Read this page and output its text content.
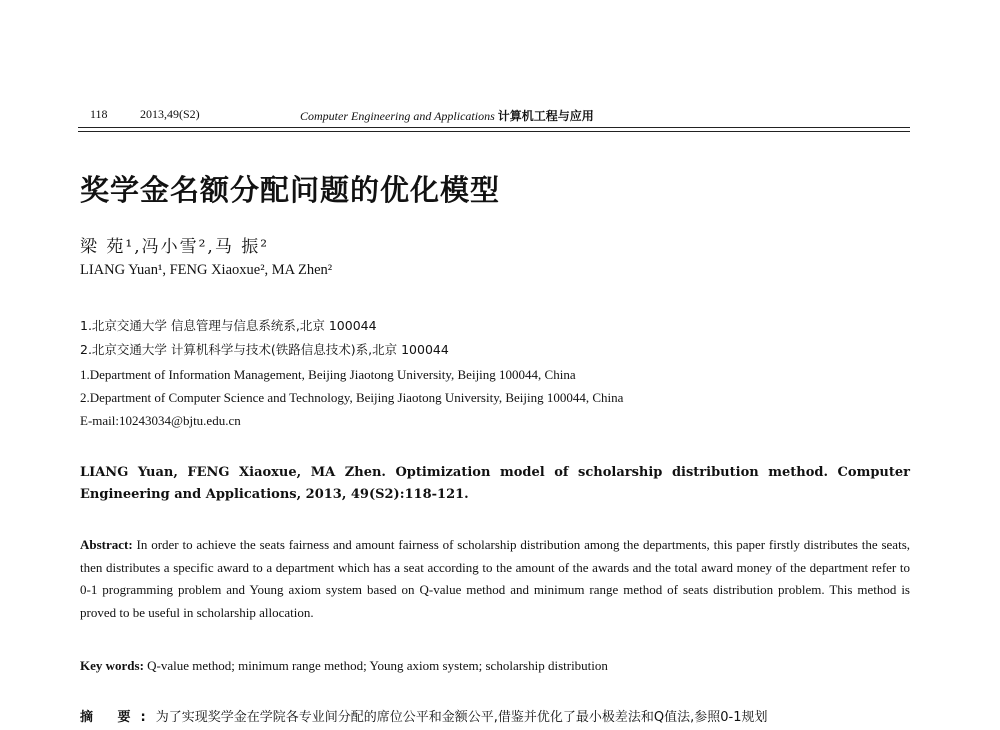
118	2013,49(S2)	Computer Engineering and Applications 计算机工程与应用
奖学金名额分配问题的优化模型
梁 苑¹,冯小雪²,马 振²
LIANG Yuan¹, FENG Xiaoxue², MA Zhen²
1.北京交通大学 信息管理与信息系统系,北京 100044
2.北京交通大学 计算机科学与技术(铁路信息技术)系,北京 100044
1.Department of Information Management, Beijing Jiaotong University, Beijing 100044, China
2.Department of Computer Science and Technology, Beijing Jiaotong University, Beijing 100044, China
E-mail:10243034@bjtu.edu.cn
LIANG Yuan, FENG Xiaoxue, MA Zhen. Optimization model of scholarship distribution method. Computer Engineering and Applications, 2013, 49(S2):118-121.
Abstract: In order to achieve the seats fairness and amount fairness of scholarship distribution among the departments, this paper firstly distributes the seats, then distributes a specific award to a department which has a seat according to the amount of the awards and the total award money of the department refer to 0-1 programming problem and Young axiom system based on Q-value method and minimum range method of seats distribution problem. This method is proved to be useful in scholarship allocation.
Key words: Q-value method; minimum range method; Young axiom system; scholarship distribution
摘 要:为了实现奖学金在学院各专业间分配的席位公平和金额公平,借鉴并优化了最小极差法和Q值法,参照0-1规划
